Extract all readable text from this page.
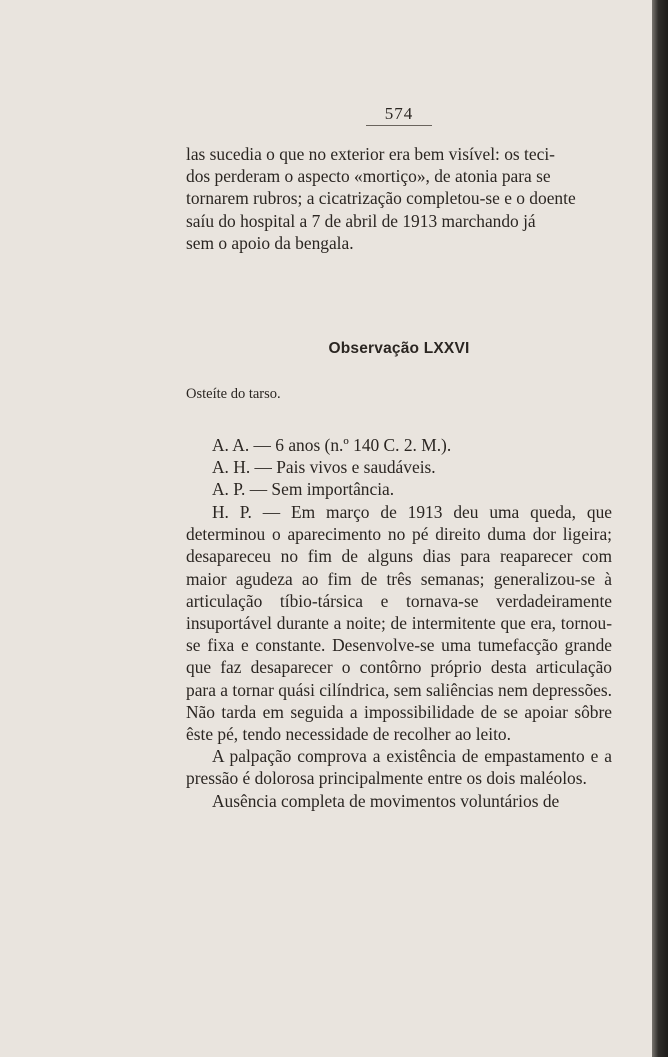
574
las sucedia o que no exterior era bem visível: os teci-
dos perderam o aspecto «mortiço», de atonia para se
tornarem rubros; a cicatrização completou-se e o doente
saíu do hospital a 7 de abril de 1913 marchando já
sem o apoio da bengala.
Observação LXXVI
Osteíte do tarso.
A. A. — 6 anos (n.º 140 C. 2. M.).
A. H. — Pais vivos e saudáveis.
A. P. — Sem importância.

H. P. — Em março de 1913 deu uma queda, que determinou o aparecimento no pé direito duma dor ligeira; desapareceu no fim de alguns dias para reaparecer com maior agudeza ao fim de três semanas; generalizou-se à articulação tíbio-társica e tornava-se verdadeiramente insuportável durante a noite; de intermitente que era, tornou-se fixa e constante. Desenvolve-se uma tumefacção grande que faz desaparecer o contôrno próprio desta articulação para a tornar quási cilíndrica, sem saliências nem depressões. Não tarda em seguida a impossibilidade de se apoiar sôbre êste pé, tendo necessidade de recolher ao leito.

A palpação comprova a existência de empastamento e a pressão é dolorosa principalmente entre os dois maléolos.

Ausência completa de movimentos voluntários de
